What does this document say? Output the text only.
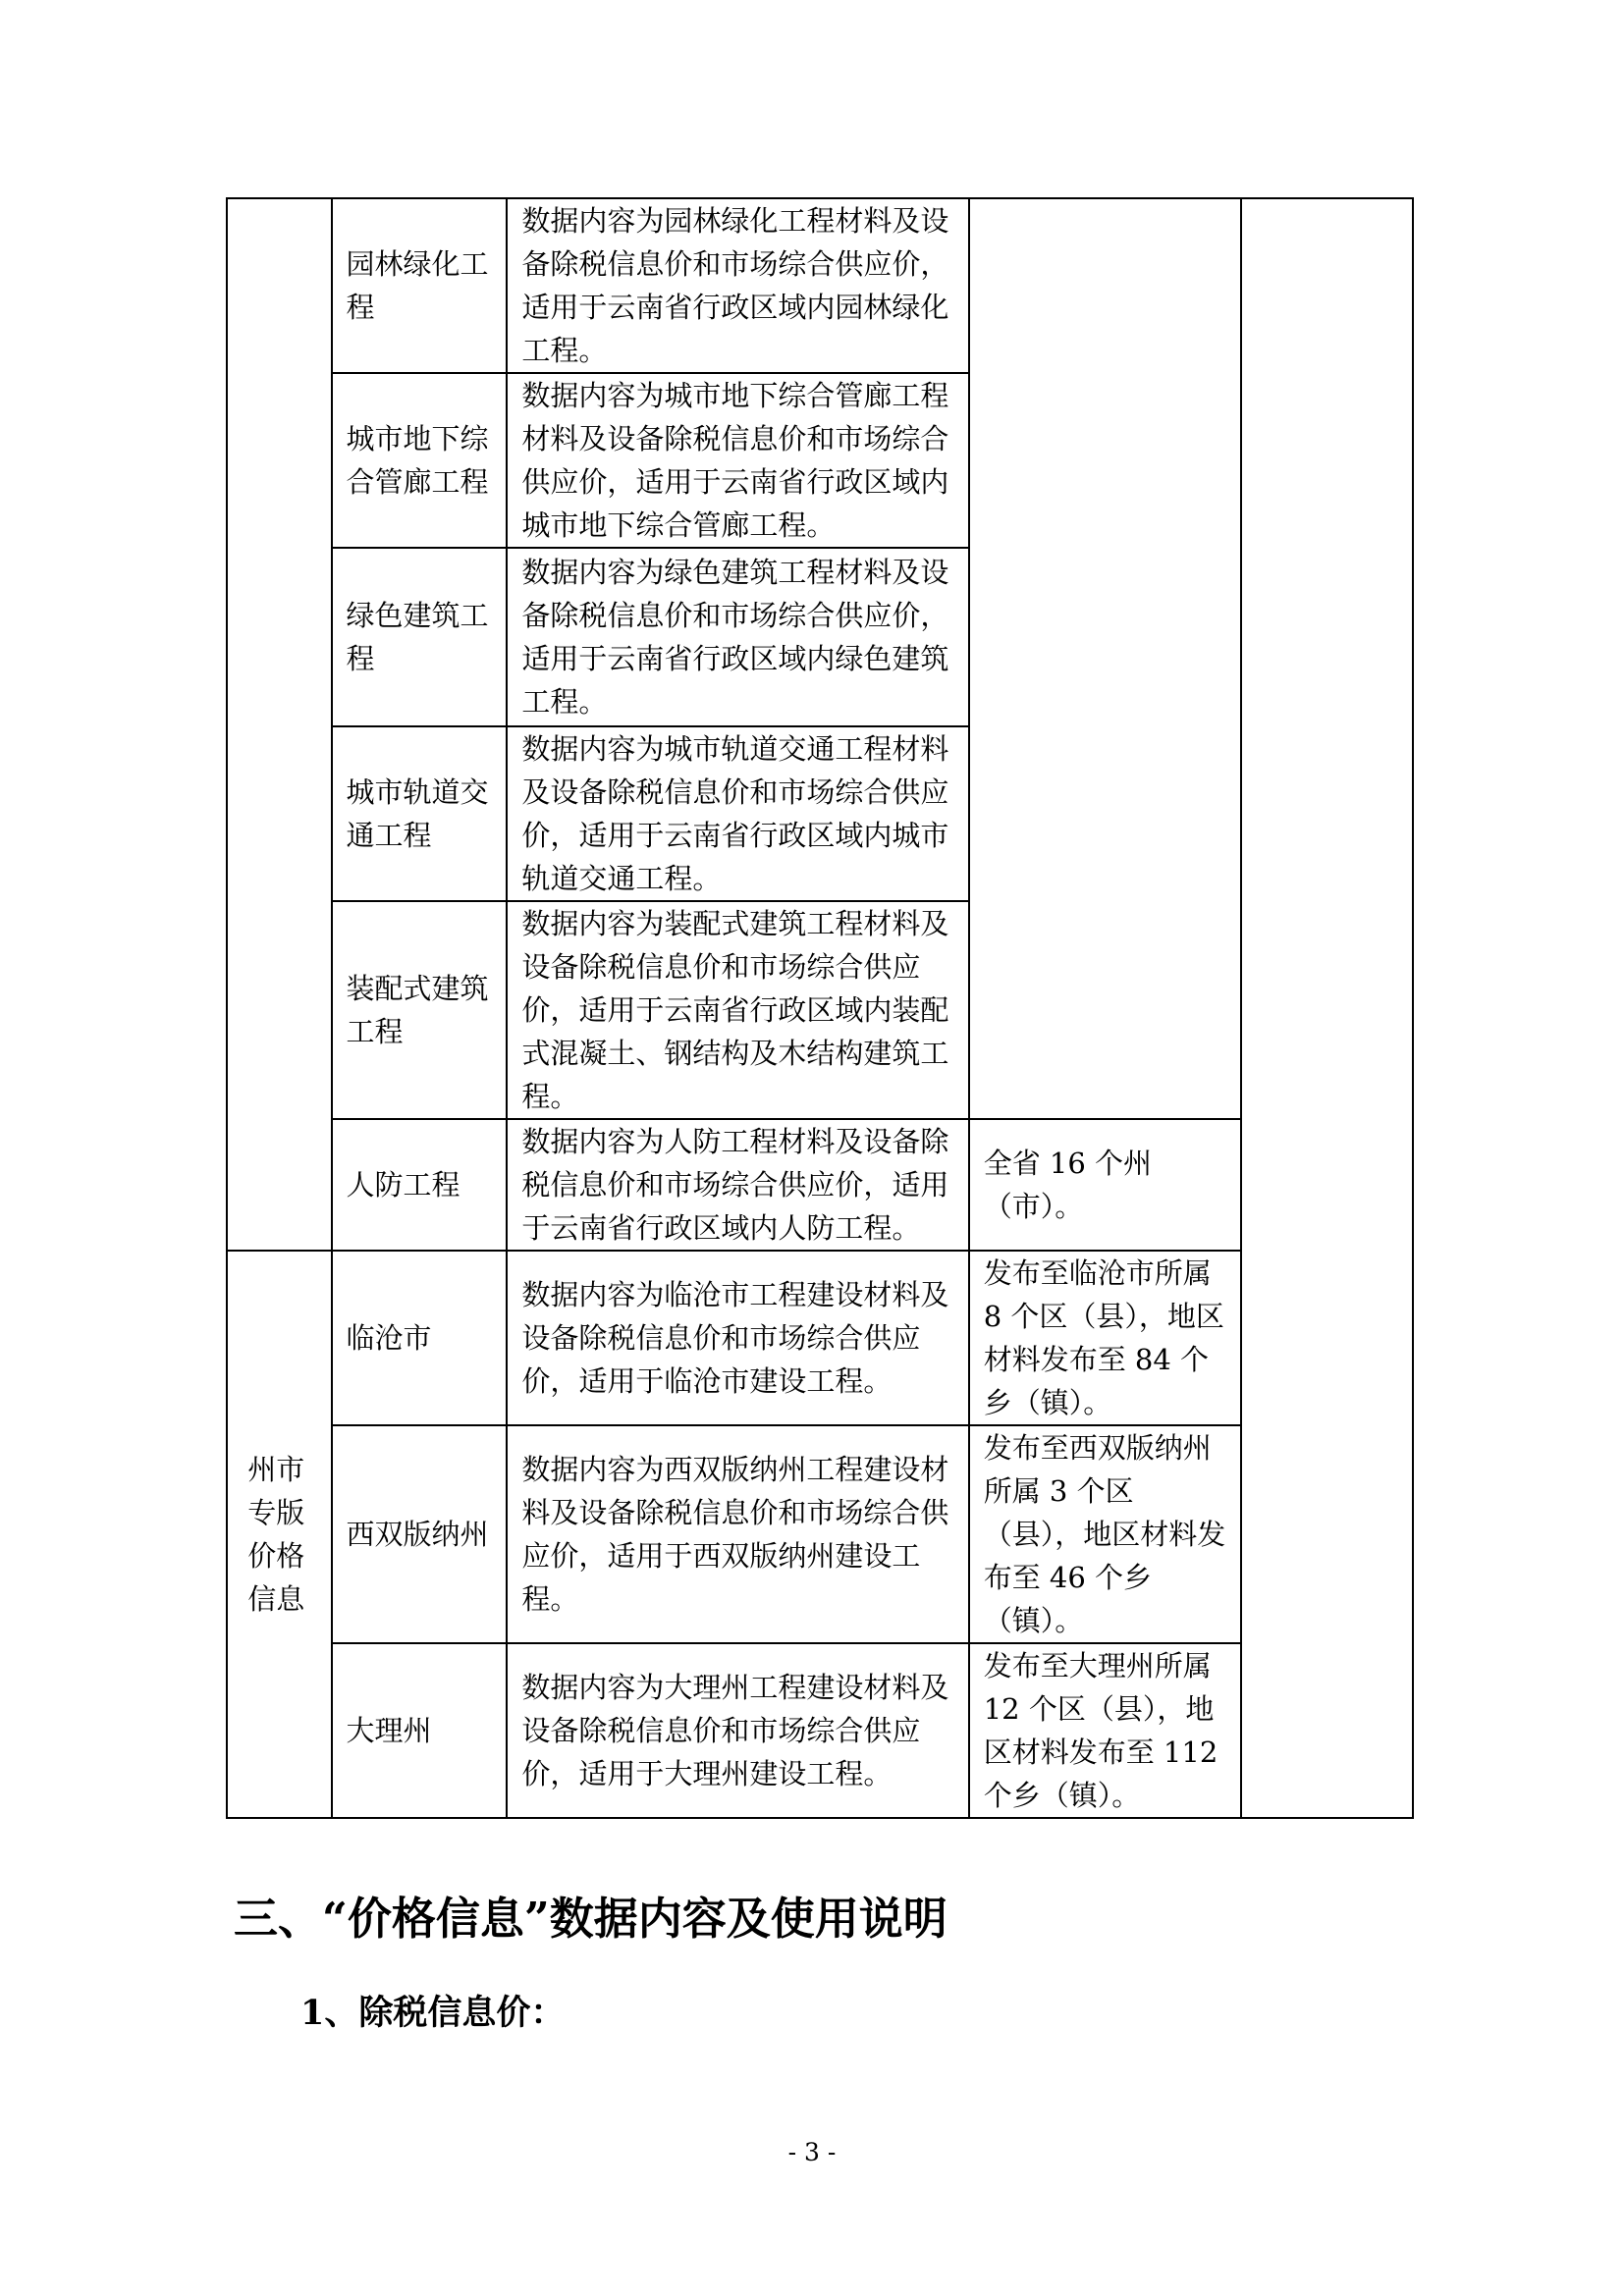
	园林绿化工程	数据内容为园林绿化工程材料及设备除税信息价和市场综合供应价，适用于云南省行政区域内园林绿化工程。		
	城市地下综合管廊工程	数据内容为城市地下综合管廊工程材料及设备除税信息价和市场综合供应价，适用于云南省行政区域内城市地下综合管廊工程。		
	绿色建筑工程	数据内容为绿色建筑工程材料及设备除税信息价和市场综合供应价，适用于云南省行政区域内绿色建筑工程。		
	城市轨道交通工程	数据内容为城市轨道交通工程材料及设备除税信息价和市场综合供应价，适用于云南省行政区域内城市轨道交通工程。		
	装配式建筑工程	数据内容为装配式建筑工程材料及设备除税信息价和市场综合供应价，适用于云南省行政区域内装配式混凝土、钢结构及木结构建筑工程。		
	人防工程	数据内容为人防工程材料及设备除税信息价和市场综合供应价，适用于云南省行政区域内人防工程。	全省 16 个州（市）。	
州市专版价格信息	临沧市	数据内容为临沧市工程建设材料及设备除税信息价和市场综合供应价，适用于临沧市建设工程。	发布至临沧市所属 8 个区（县），地区材料发布至 84 个乡（镇）。	
	西双版纳州	数据内容为西双版纳州工程建设材料及设备除税信息价和市场综合供应价，适用于西双版纳州建设工程。	发布至西双版纳州所属 3 个区（县），地区材料发布至 46 个乡（镇）。	
	大理州	数据内容为大理州工程建设材料及设备除税信息价和市场综合供应价，适用于大理州建设工程。	发布至大理州所属 12 个区（县），地区材料发布至 112 个乡（镇）。	
三、“价格信息”数据内容及使用说明
1、除税信息价：
- 3 -
